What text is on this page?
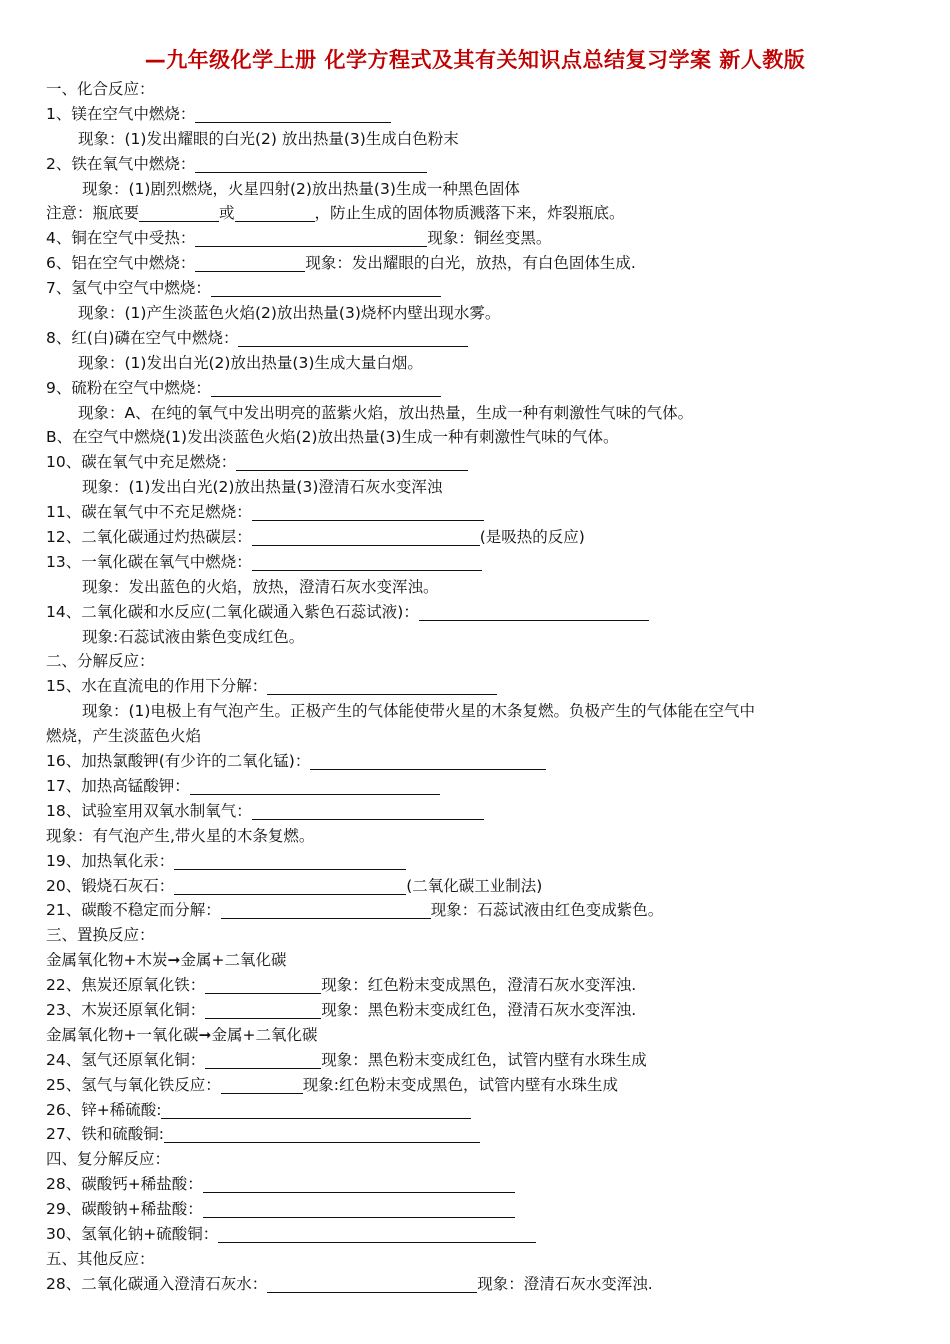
—九年级化学上册 化学方程式及其有关知识点总结复习学案 新人教版
一、化合反应：
1、镁在空气中燃烧：
现象：(1)发出耀眼的白光(2) 放出热量(3)生成白色粉末
2、铁在氧气中燃烧：
现象：(1)剧烈燃烧，火星四射(2)放出热量(3)生成一种黑色固体
注意：瓶底要	或	，防止生成的固体物质溅落下来，炸裂瓶底。
4、铜在空气中受热：	现象：铜丝变黑。
6、铝在空气中燃烧：	现象：发出耀眼的白光，放热，有白色固体生成.
7、氢气中空气中燃烧：
现象：(1)产生淡蓝色火焰(2)放出热量(3)烧杯内壁出现水雾。
8、红(白)磷在空气中燃烧：
现象：(1)发出白光(2)放出热量(3)生成大量白烟。
9、硫粉在空气中燃烧：
现象：A、在纯的氧气中发出明亮的蓝紫火焰，放出热量，生成一种有刺激性气味的气体。
B、在空气中燃烧(1)发出淡蓝色火焰(2)放出热量(3)生成一种有刺激性气味的气体。
10、碳在氧气中充足燃烧：
现象：(1)发出白光(2)放出热量(3)澄清石灰水变浑浊
11、碳在氧气中不充足燃烧：
12、二氧化碳通过灼热碳层：	(是吸热的反应)
13、一氧化碳在氧气中燃烧：
现象：发出蓝色的火焰，放热，澄清石灰水变浑浊。
14、二氧化碳和水反应(二氧化碳通入紫色石蕊试液)：
现象:石蕊试液由紫色变成红色。
二、分解反应：
15、水在直流电的作用下分解：
现象：(1)电极上有气泡产生。正极产生的气体能使带火星的木条复燃。负极产生的气体能在空气中
燃烧，产生淡蓝色火焰
16、加热氯酸钾(有少许的二氧化锰)：
17、加热高锰酸钾：
18、试验室用双氧水制氧气：
现象：有气泡产生,带火星的木条复燃。
19、加热氧化汞：
20、锻烧石灰石：	(二氧化碳工业制法)
21、碳酸不稳定而分解：	现象：石蕊试液由红色变成紫色。
三、置换反应：
金属氧化物+木炭➞金属+二氧化碳
22、焦炭还原氧化铁：	现象：红色粉末变成黑色，澄清石灰水变浑浊.
23、木炭还原氧化铜：	现象：黑色粉末变成红色，澄清石灰水变浑浊.
金属氧化物+一氧化碳➞金属+二氧化碳
24、氢气还原氧化铜：	现象：黑色粉末变成红色，试管内壁有水珠生成
25、氢气与氧化铁反应：	现象:红色粉末变成黑色，试管内壁有水珠生成
26、锌+稀硫酸:
27、铁和硫酸铜:
四、复分解反应：
28、碳酸钙+稀盐酸：
29、碳酸钠+稀盐酸：
30、氢氧化钠+硫酸铜：
五、其他反应：
28、二氧化碳通入澄清石灰水：	现象：澄清石灰水变浑浊.
